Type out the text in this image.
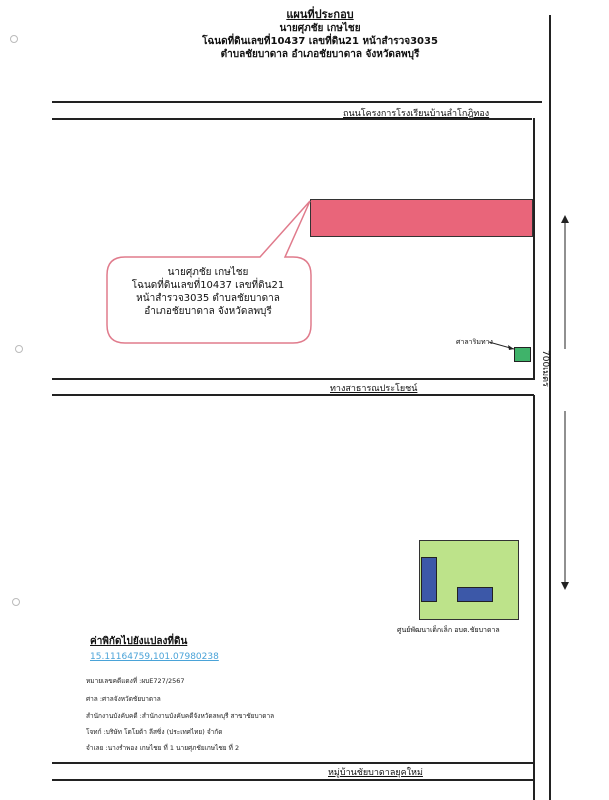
แผนที่ประกอบ

นายศุภชัย เกษไชย

โฉนดที่ดินเลขที่10437 เลขที่ดิน21 หน้าสำรวจ3035

ตำบลชัยบาดาล อำเภอชัยบาดาล จังหวัดลพบุรี

ถนนโครงการโรงเรียนบ้านลำโกฎิทอง
ทางสาธารณประโยชน์
หมู่บ้านชัยบาดาลยุคใหม่

นายศุภชัย เกษไชย

โฉนดที่ดินเลขที่10437 เลขที่ดิน21

หน้าสำรวจ3035 ตำบลชัยบาดาล

อำเภอชัยบาดาล จังหวัดลพบุรี

ศาลาริมทาง
700เมตร
ศูนย์พัฒนาเด็กเล็ก อบต.ชัยบาดาล
ค่าพิกัดไปยังแปลงที่ดิน
15.11164759,101.07980238
หมายเลขคดีแดงที่ :ผบE727/2567
ศาล :ศาลจังหวัดชัยบาดาล
สำนักงานบังคับคดี :สำนักงานบังคับคดีจังหวัดลพบุรี สาขาชัยบาดาล
โจทก์ :บริษัท โตโยต้า ลีสซิ่ง (ประเทศไทย) จำกัด
จำเลย :นางรำพอง เกษไชย ที่ 1 นายศุภชัยเกษไชย ที่ 2
